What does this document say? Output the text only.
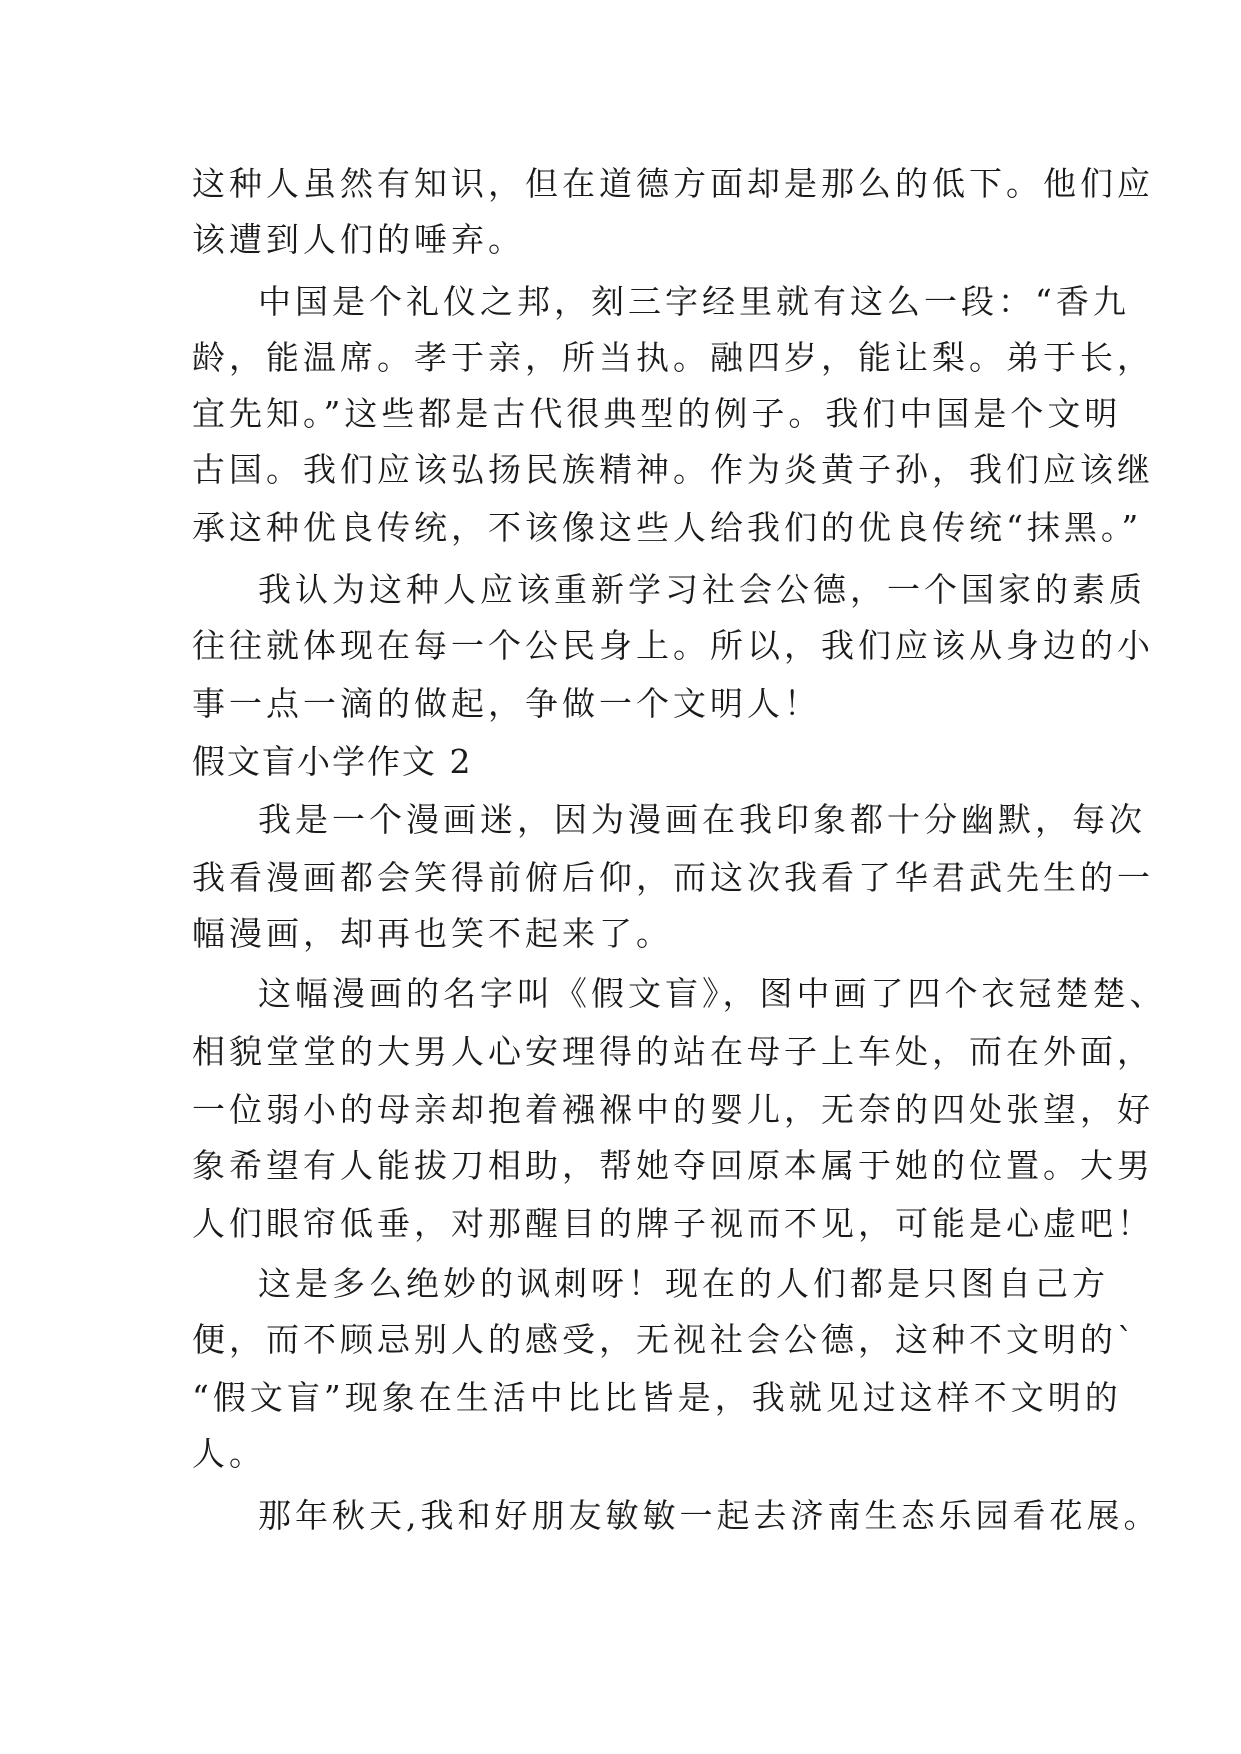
这种人虽然有知识，但在道德方面却是那么的低下。他们应
该遭到人们的唾弃。
中国是个礼仪之邦，刻三字经里就有这么一段：“香九
龄，能温席。孝于亲，所当执。融四岁，能让梨。弟于长，
宜先知。”这些都是古代很典型的例子。我们中国是个文明
古国。我们应该弘扬民族精神。作为炎黄子孙，我们应该继
承这种优良传统，不该像这些人给我们的优良传统“抹黑。”
我认为这种人应该重新学习社会公德，一个国家的素质
往往就体现在每一个公民身上。所以，我们应该从身边的小
事一点一滴的做起，争做一个文明人！
假文盲小学作文 2
我是一个漫画迷，因为漫画在我印象都十分幽默，每次
我看漫画都会笑得前俯后仰，而这次我看了华君武先生的一
幅漫画，却再也笑不起来了。
这幅漫画的名字叫《假文盲》，图中画了四个衣冠楚楚、
相貌堂堂的大男人心安理得的站在母子上车处，而在外面，
一位弱小的母亲却抱着襁褓中的婴儿，无奈的四处张望，好
象希望有人能拔刀相助，帮她夺回原本属于她的位置。大男
人们眼帘低垂，对那醒目的牌子视而不见，可能是心虚吧！
这是多么绝妙的讽刺呀！现在的人们都是只图自己方
便，而不顾忌别人的感受，无视社会公德，这种不文明的`
“假文盲”现象在生活中比比皆是，我就见过这样不文明的
人。
那年秋天,我和好朋友敏敏一起去济南生态乐园看花展。
